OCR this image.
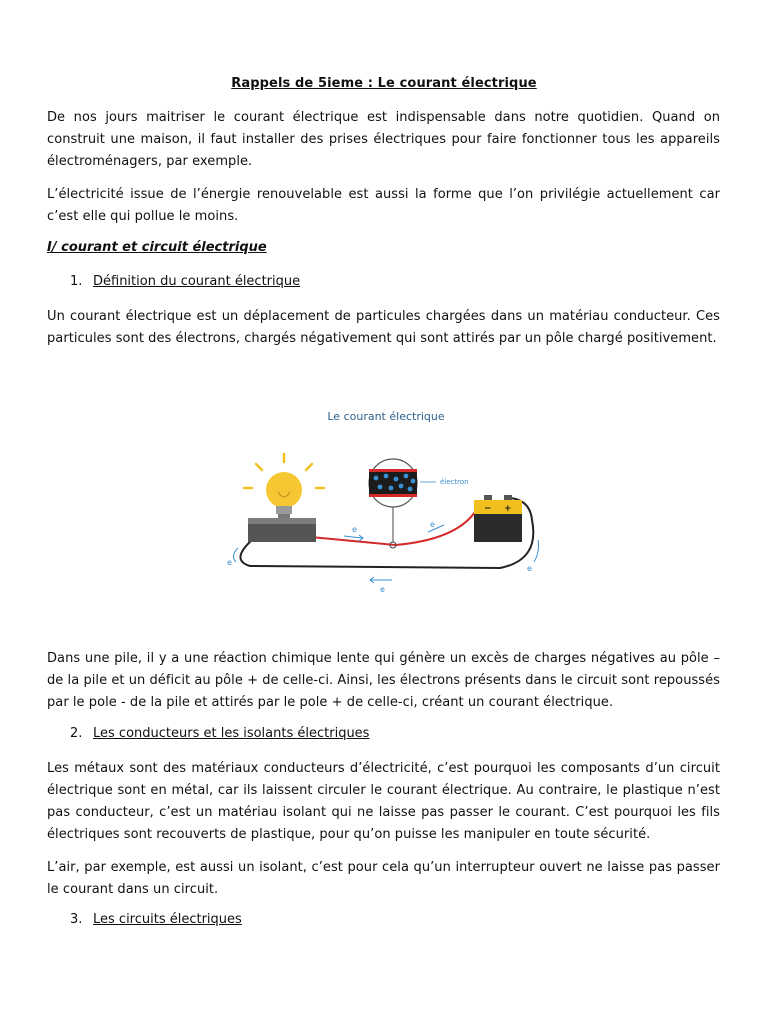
Rappels de 5ieme : Le courant électrique
De nos jours maitriser le courant électrique est indispensable dans notre quotidien. Quand on construit une maison, il faut installer des prises électriques pour faire fonctionner tous les appareils électroménagers, par exemple.
L’électricité issue de l’énergie renouvelable est aussi la forme que l’on privilégie actuellement car c’est elle qui pollue le moins.
I/ courant et circuit électrique
1. Définition du courant électrique
Un courant électrique est un déplacement de particules chargées dans un matériau conducteur. Ces particules sont des électrons, chargés négativement qui sont attirés par un pôle chargé positivement.
Le courant électrique
électron
− +
e
e
e
e
e
Dans une pile, il y a une réaction chimique lente qui génère un excès de charges négatives au pôle – de la pile et un déficit au pôle + de celle-ci. Ainsi, les électrons présents dans le circuit sont repoussés par le pole - de la pile et attirés par le pole + de celle-ci, créant un courant électrique.
2. Les conducteurs et les isolants électriques
Les métaux sont des matériaux conducteurs d’électricité, c’est pourquoi les composants d’un circuit électrique sont en métal, car ils laissent circuler le courant électrique. Au contraire, le plastique n’est pas conducteur, c’est un matériau isolant qui ne laisse pas passer le courant. C’est pourquoi les fils électriques sont recouverts de plastique, pour qu’on puisse les manipuler en toute sécurité.
L’air, par exemple, est aussi un isolant, c’est pour cela qu’un interrupteur ouvert ne laisse pas passer le courant dans un circuit.
3. Les circuits électriques
